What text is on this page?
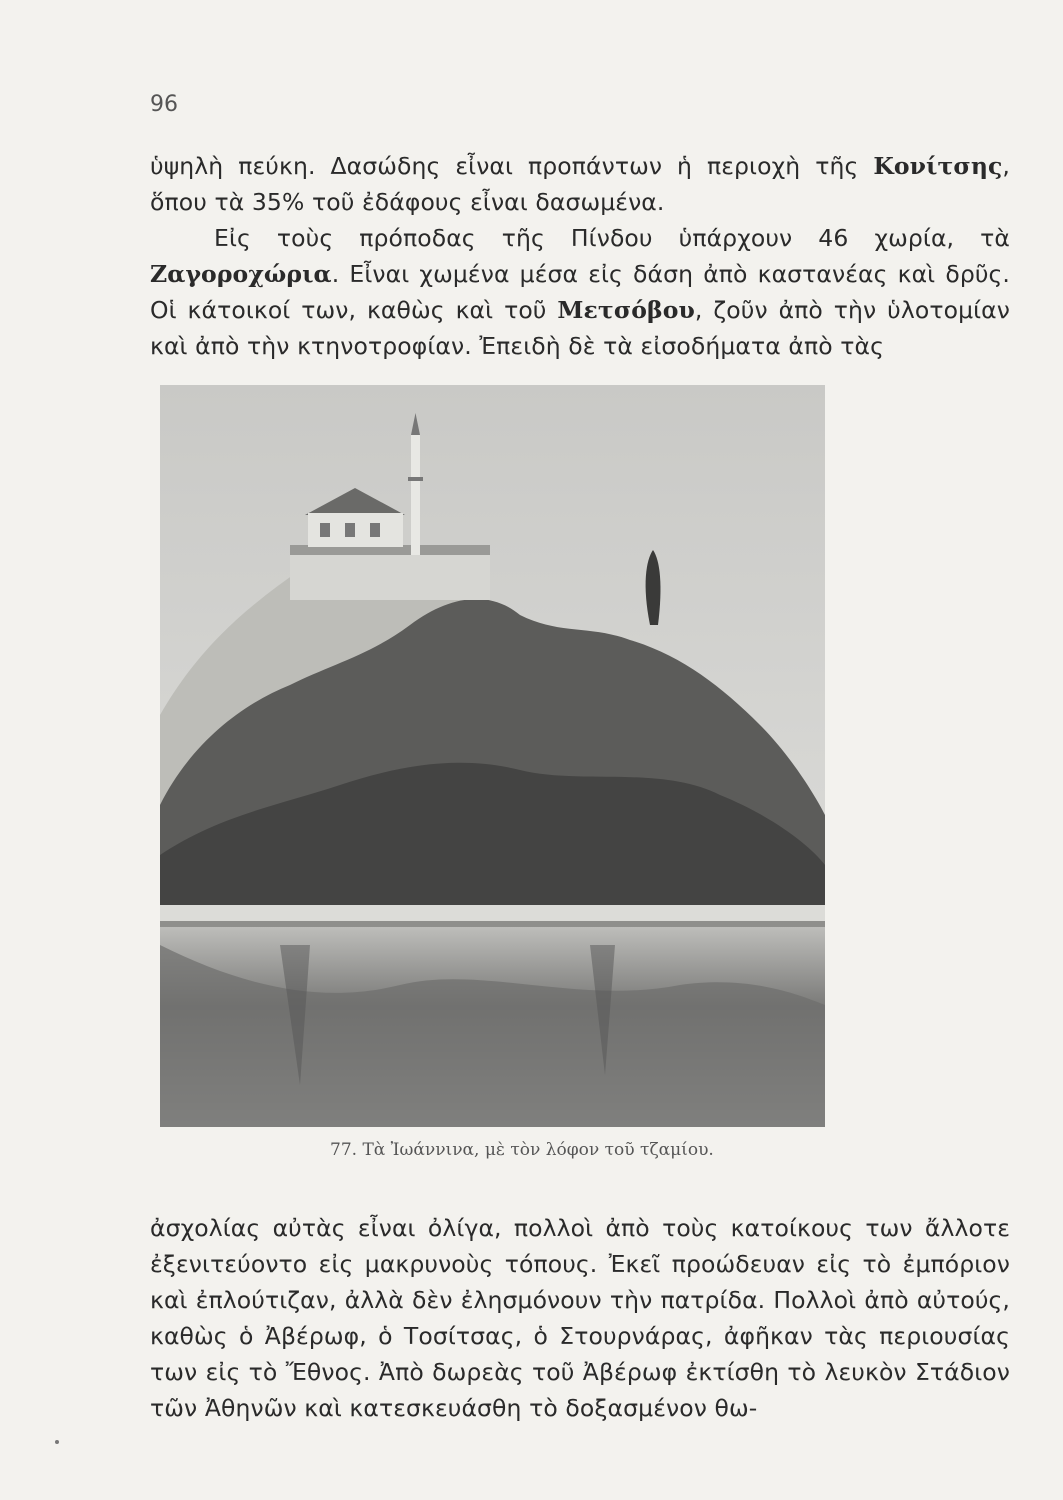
96

ὑψηλὴ πεύκη. Δασώδης εἶναι προπάντων ἡ περιοχὴ τῆς Κονίτσης, ὅπου τὰ 35% τοῦ ἐδάφους εἶναι δασωμένα.

Εἰς τοὺς πρόποδας τῆς Πίνδου ὑπάρχουν 46 χωρία, τὰ Ζαγοροχώρια. Εἶναι χωμένα μέσα εἰς δάση ἀπὸ καστανέας καὶ δρῦς. Οἱ κάτοικοί των, καθὼς καὶ τοῦ Μετσόβου, ζοῦν ἀπὸ τὴν ὑλοτομίαν καὶ ἀπὸ τὴν κτηνοτροφίαν. Ἐπειδὴ δὲ τὰ εἰσοδήματα ἀπὸ τὰς

77. Τὰ Ἰωάννινα, μὲ τὸν λόφον τοῦ τζαμίου.

ἀσχολίας αὐτὰς εἶναι ὀλίγα, πολλοὶ ἀπὸ τοὺς κατοίκους των ἄλλοτε ἐξενιτεύοντο εἰς μακρυνοὺς τόπους. Ἐκεῖ προώδευαν εἰς τὸ ἐμπόριον καὶ ἐπλούτιζαν, ἀλλὰ δὲν ἐλησμόνουν τὴν πατρίδα. Πολλοὶ ἀπὸ αὐτούς, καθὼς ὁ Ἀβέρωφ, ὁ Τοσίτσας, ὁ Στουρνάρας, ἀφῆκαν τὰς περιουσίας των εἰς τὸ Ἔθνος. Ἀπὸ δωρεὰς τοῦ Ἀβέρωφ ἐκτίσθη τὸ λευκὸν Στάδιον τῶν Ἀθηνῶν καὶ κατεσκευάσθη τὸ δοξασμένον θω-
